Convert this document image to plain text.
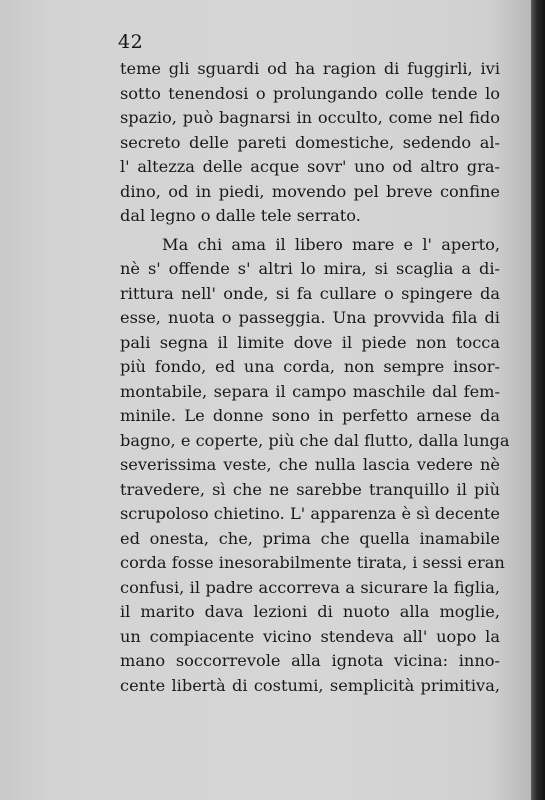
42
teme gli sguardi od ha ragion di fuggirli, ivi
sotto tenendosi o prolungando colle tende lo
spazio, può bagnarsi in occulto, come nel fido
secreto delle pareti domestiche, sedendo al-
l' altezza delle acque sovr' uno od altro gra-
dino, od in piedi, movendo pel breve confine
dal legno o dalle tele serrato.
Ma chi ama il libero mare e l' aperto,
nè s' offende s' altri lo mira, si scaglia a di-
rittura nell' onde, si fa cullare o spingere da
esse, nuota o passeggia. Una provvida fila di
pali segna il limite dove il piede non tocca
più fondo, ed una corda, non sempre insor-
montabile, separa il campo maschile dal fem-
minile. Le donne sono in perfetto arnese da
bagno, e coperte, più che dal flutto, dalla lunga
severissima veste, che nulla lascia vedere nè
travedere, sì che ne sarebbe tranquillo il più
scrupoloso chietino. L' apparenza è sì decente
ed onesta, che, prima che quella inamabile
corda fosse inesorabilmente tirata, i sessi eran
confusi, il padre accorreva a sicurare la figlia,
il marito dava lezioni di nuoto alla moglie,
un compiacente vicino stendeva all' uopo la
mano soccorrevole alla ignota vicina: inno-
cente libertà di costumi, semplicità primitiva,
